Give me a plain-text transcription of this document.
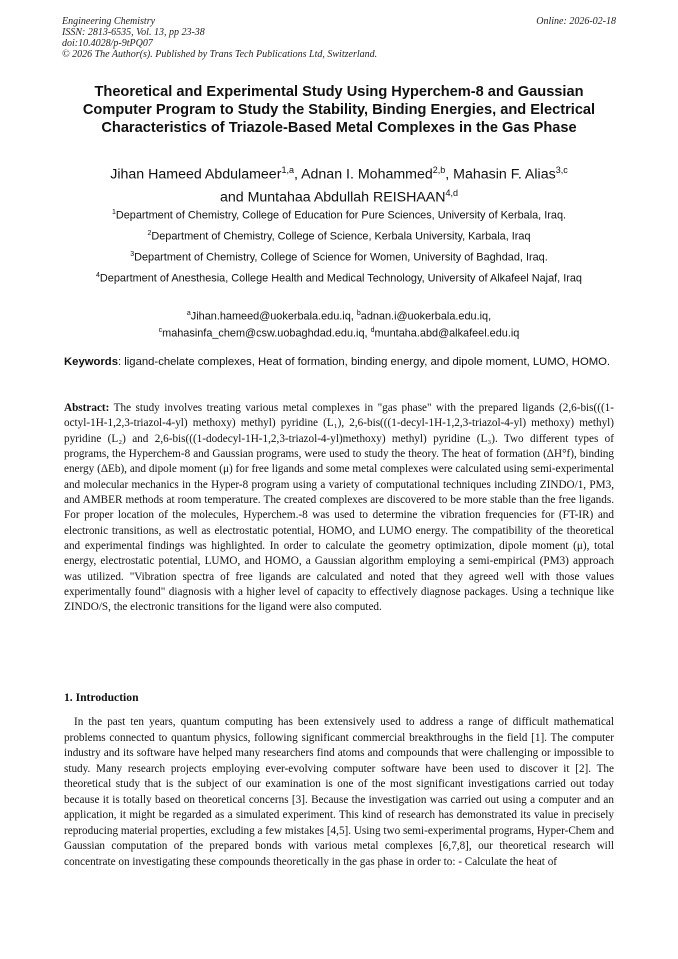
Engineering Chemistry	Online: 2026-02-18
ISSN: 2813-6535, Vol. 13, pp 23-38
doi:10.4028/p-9tPQ07
© 2026 The Author(s). Published by Trans Tech Publications Ltd, Switzerland.
Theoretical and Experimental Study Using Hyperchem-8 and Gaussian Computer Program to Study the Stability, Binding Energies, and Electrical Characteristics of Triazole-Based Metal Complexes in the Gas Phase
Jihan Hameed Abdulameer$^{1,a}$, Adnan I. Mohammed$^{2,b}$, Mahasin F. Alias$^{3,c}$
and Muntahaa Abdullah REISHAAN$^{4,d}$
$^1$Department of Chemistry, College of Education for Pure Sciences, University of Kerbala, Iraq.
$^2$Department of Chemistry, College of Science, Kerbala University, Karbala, Iraq
$^3$Department of Chemistry, College of Science for Women, University of Baghdad, Iraq.
$^4$Department of Anesthesia, College Health and Medical Technology, University of Alkafeel Najaf, Iraq
$^a$Jihan.hameed@uokerbala.edu.iq, $^b$adnan.i@uokerbala.edu.iq,
$^c$mahasinfa_chem@csw.uobaghdad.edu.iq, $^d$muntaha.abd@alkafeel.edu.iq
Keywords: ligand-chelate complexes, Heat of formation, binding energy, and dipole moment, LUMO, HOMO.
Abstract: The study involves treating various metal complexes in "gas phase" with the prepared ligands (2,6-bis(((1-octyl-1H-1,2,3-triazol-4-yl) methoxy) methyl) pyridine (L₁), 2,6-bis(((1-decyl-1H-1,2,3-triazol-4-yl) methoxy) methyl) pyridine (L₂) and 2,6-bis(((1-dodecyl-1H-1,2,3-triazol-4-yl)methoxy) methyl) pyridine (L₃). Two different types of programs, the Hyperchem-8 and Gaussian programs, were used to study the theory. The heat of formation (ΔH°f), binding energy (ΔEb), and dipole moment (μ) for free ligands and some metal complexes were calculated using semi-experimental and molecular mechanics in the Hyper-8 program using a variety of computational techniques including ZINDO/1, PM3, and AMBER methods at room temperature. The created complexes are discovered to be more stable than the free ligands. For proper location of the molecules, Hyperchem.-8 was used to determine the vibration frequencies for (FT-IR) and electronic transitions, as well as electrostatic potential, HOMO, and LUMO energy. The compatibility of the theoretical and experimental findings was highlighted. In order to calculate the geometry optimization, dipole moment (μ), total energy, electrostatic potential, LUMO, and HOMO, a Gaussian algorithm employing a semi-empirical (PM3) approach was utilized. "Vibration spectra of free ligands are calculated and noted that they agreed well with those values experimentally found" diagnosis with a higher level of capacity to effectively diagnose packages. Using a technique like ZINDO/S, the electronic transitions for the ligand were also computed.
1. Introduction
In the past ten years, quantum computing has been extensively used to address a range of difficult mathematical problems connected to quantum physics, following significant commercial breakthroughs in the field [1]. The computer industry and its software have helped many researchers find atoms and compounds that were challenging or impossible to study. Many research projects employing ever-evolving computer software have been used to discover it [2]. The theoretical study that is the subject of our examination is one of the most significant investigations carried out today because it is totally based on theoretical concerns [3]. Because the investigation was carried out using a computer and an application, it might be regarded as a simulated experiment. This kind of research has demonstrated its value in precisely reproducing material properties, excluding a few mistakes [4,5]. Using two semi-experimental programs, Hyper-Chem and Gaussian computation of the prepared bonds with various metal complexes [6,7,8], our theoretical research will concentrate on investigating these compounds theoretically in the gas phase in order to: - Calculate the heat of
